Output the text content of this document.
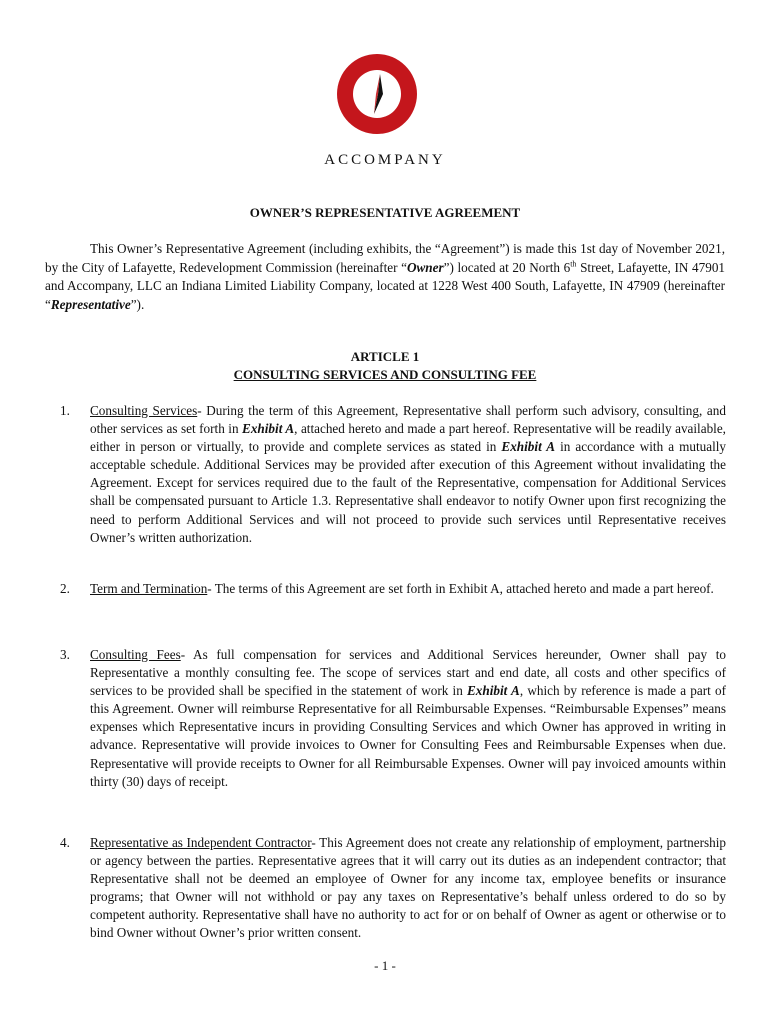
ACCOMPANY
OWNER’S REPRESENTATIVE AGREEMENT

This Owner’s Representative Agreement (including exhibits, the “Agreement”) is made this 1st day of November 2021, by the City of Lafayette, Redevelopment Commission (hereinafter “Owner”) located at 20 North 6th Street, Lafayette, IN 47901 and Accompany, LLC an Indiana Limited Liability Company, located at 1228 West 400 South, Lafayette, IN 47909 (hereinafter “Representative”).

ARTICLE 1
CONSULTING SERVICES AND CONSULTING FEE
1. Consulting Services- During the term of this Agreement, Representative shall perform such advisory, consulting, and other services as set forth in Exhibit A, attached hereto and made a part hereof. Representative will be readily available, either in person or virtually, to provide and complete services as stated in Exhibit A in accordance with a mutually acceptable schedule. Additional Services may be provided after execution of this Agreement without invalidating the Agreement. Except for services required due to the fault of the Representative, compensation for Additional Services shall be compensated pursuant to Article 1.3. Representative shall endeavor to notify Owner upon first recognizing the need to perform Additional Services and will not proceed to provide such services until Representative receives Owner’s written authorization.
2. Term and Termination- The terms of this Agreement are set forth in Exhibit A, attached hereto and made a part hereof.
3. Consulting Fees- As full compensation for services and Additional Services hereunder, Owner shall pay to Representative a monthly consulting fee. The scope of services start and end date, all costs and other specifics of services to be provided shall be specified in the statement of work in Exhibit A, which by reference is made a part of this Agreement. Owner will reimburse Representative for all Reimbursable Expenses. “Reimbursable Expenses” means expenses which Representative incurs in providing Consulting Services and which Owner has approved in writing in advance. Representative will provide invoices to Owner for Consulting Fees and Reimbursable Expenses when due. Representative will provide receipts to Owner for all Reimbursable Expenses. Owner will pay invoiced amounts within thirty (30) days of receipt.
4. Representative as Independent Contractor- This Agreement does not create any relationship of employment, partnership or agency between the parties. Representative agrees that it will carry out its duties as an independent contractor; that Representative shall not be deemed an employee of Owner for any income tax, employee benefits or insurance programs; that Owner will not withhold or pay any taxes on Representative’s behalf unless ordered to do so by competent authority. Representative shall have no authority to act for or on behalf of Owner as agent or otherwise or to bind Owner without Owner’s prior written consent.
- 1 -
